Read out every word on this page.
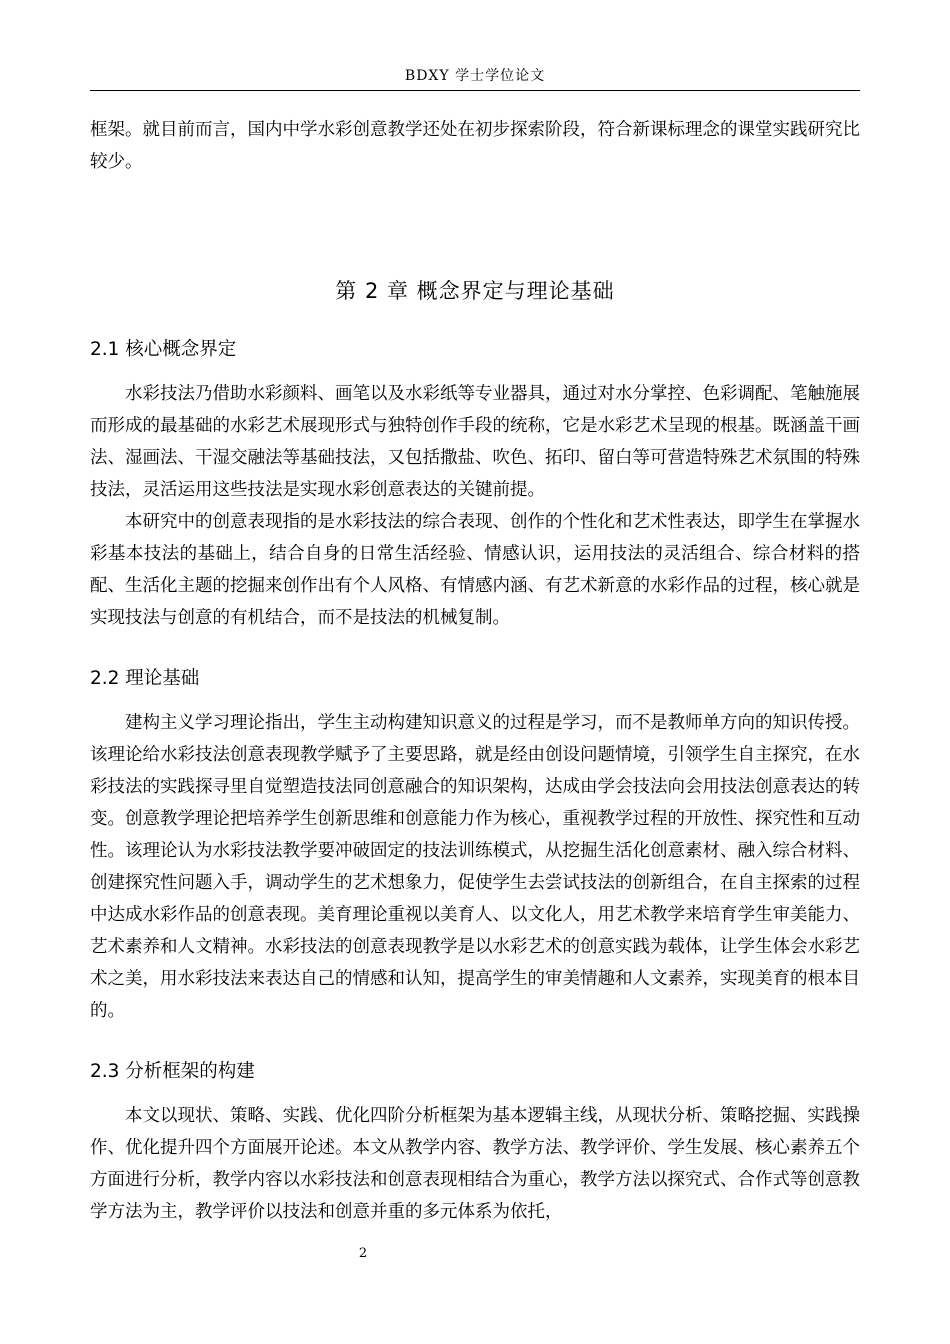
BDXY 学士学位论文

框架。就目前而言，国内中学水彩创意教学还处在初步探索阶段，符合新课标理念的课堂实践研究比较少。

第 2 章 概念界定与理论基础
2.1 核心概念界定

水彩技法乃借助水彩颜料、画笔以及水彩纸等专业器具，通过对水分掌控、色彩调配、笔触施展而形成的最基础的水彩艺术展现形式与独特创作手段的统称，它是水彩艺术呈现的根基。既涵盖干画法、湿画法、干湿交融法等基础技法，又包括撒盐、吹色、拓印、留白等可营造特殊艺术氛围的特殊技法，灵活运用这些技法是实现水彩创意表达的关键前提。

本研究中的创意表现指的是水彩技法的综合表现、创作的个性化和艺术性表达，即学生在掌握水彩基本技法的基础上，结合自身的日常生活经验、情感认识，运用技法的灵活组合、综合材料的搭配、生活化主题的挖掘来创作出有个人风格、有情感内涵、有艺术新意的水彩作品的过程，核心就是实现技法与创意的有机结合，而不是技法的机械复制。

2.2 理论基础

建构主义学习理论指出，学生主动构建知识意义的过程是学习，而不是教师单方向的知识传授。该理论给水彩技法创意表现教学赋予了主要思路，就是经由创设问题情境，引领学生自主探究，在水彩技法的实践探寻里自觉塑造技法同创意融合的知识架构，达成由学会技法向会用技法创意表达的转变。创意教学理论把培养学生创新思维和创意能力作为核心，重视教学过程的开放性、探究性和互动性。该理论认为水彩技法教学要冲破固定的技法训练模式，从挖掘生活化创意素材、融入综合材料、创建探究性问题入手，调动学生的艺术想象力，促使学生去尝试技法的创新组合，在自主探索的过程中达成水彩作品的创意表现。美育理论重视以美育人、以文化人，用艺术教学来培育学生审美能力、艺术素养和人文精神。水彩技法的创意表现教学是以水彩艺术的创意实践为载体，让学生体会水彩艺术之美，用水彩技法来表达自己的情感和认知，提高学生的审美情趣和人文素养，实现美育的根本目的。

2.3 分析框架的构建

本文以现状、策略、实践、优化四阶分析框架为基本逻辑主线，从现状分析、策略挖掘、实践操作、优化提升四个方面展开论述。本文从教学内容、教学方法、教学评价、学生发展、核心素养五个方面进行分析，教学内容以水彩技法和创意表现相结合为重心，教学方法以探究式、合作式等创意教学方法为主，教学评价以技法和创意并重的多元体系为依托，

2
